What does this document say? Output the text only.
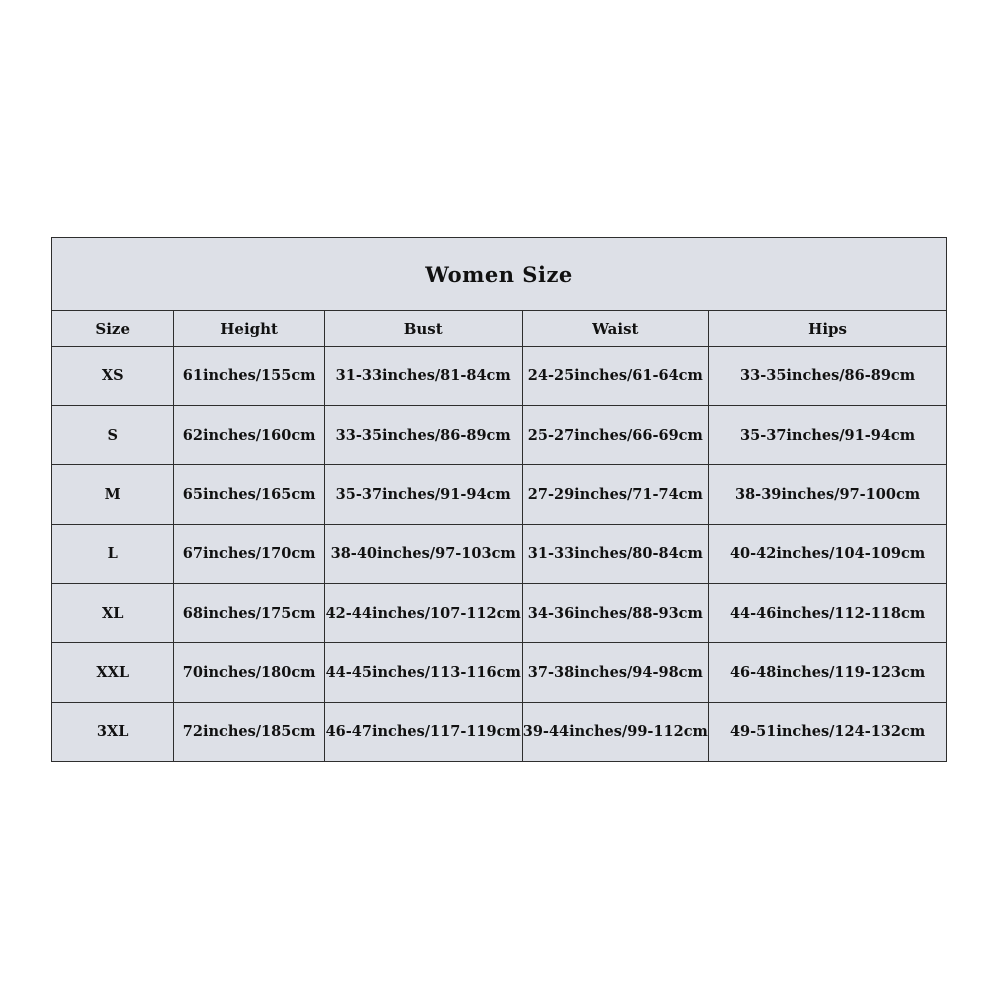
Women Size				
Size	Height	Bust	Waist	Hips
XS	61inches/155cm	31-33inches/81-84cm	24-25inches/61-64cm	33-35inches/86-89cm
S	62inches/160cm	33-35inches/86-89cm	25-27inches/66-69cm	35-37inches/91-94cm
M	65inches/165cm	35-37inches/91-94cm	27-29inches/71-74cm	38-39inches/97-100cm
L	67inches/170cm	38-40inches/97-103cm	31-33inches/80-84cm	40-42inches/104-109cm
XL	68inches/175cm	42-44inches/107-112cm	34-36inches/88-93cm	44-46inches/112-118cm
XXL	70inches/180cm	44-45inches/113-116cm	37-38inches/94-98cm	46-48inches/119-123cm
3XL	72inches/185cm	46-47inches/117-119cm	39-44inches/99-112cm	49-51inches/124-132cm
